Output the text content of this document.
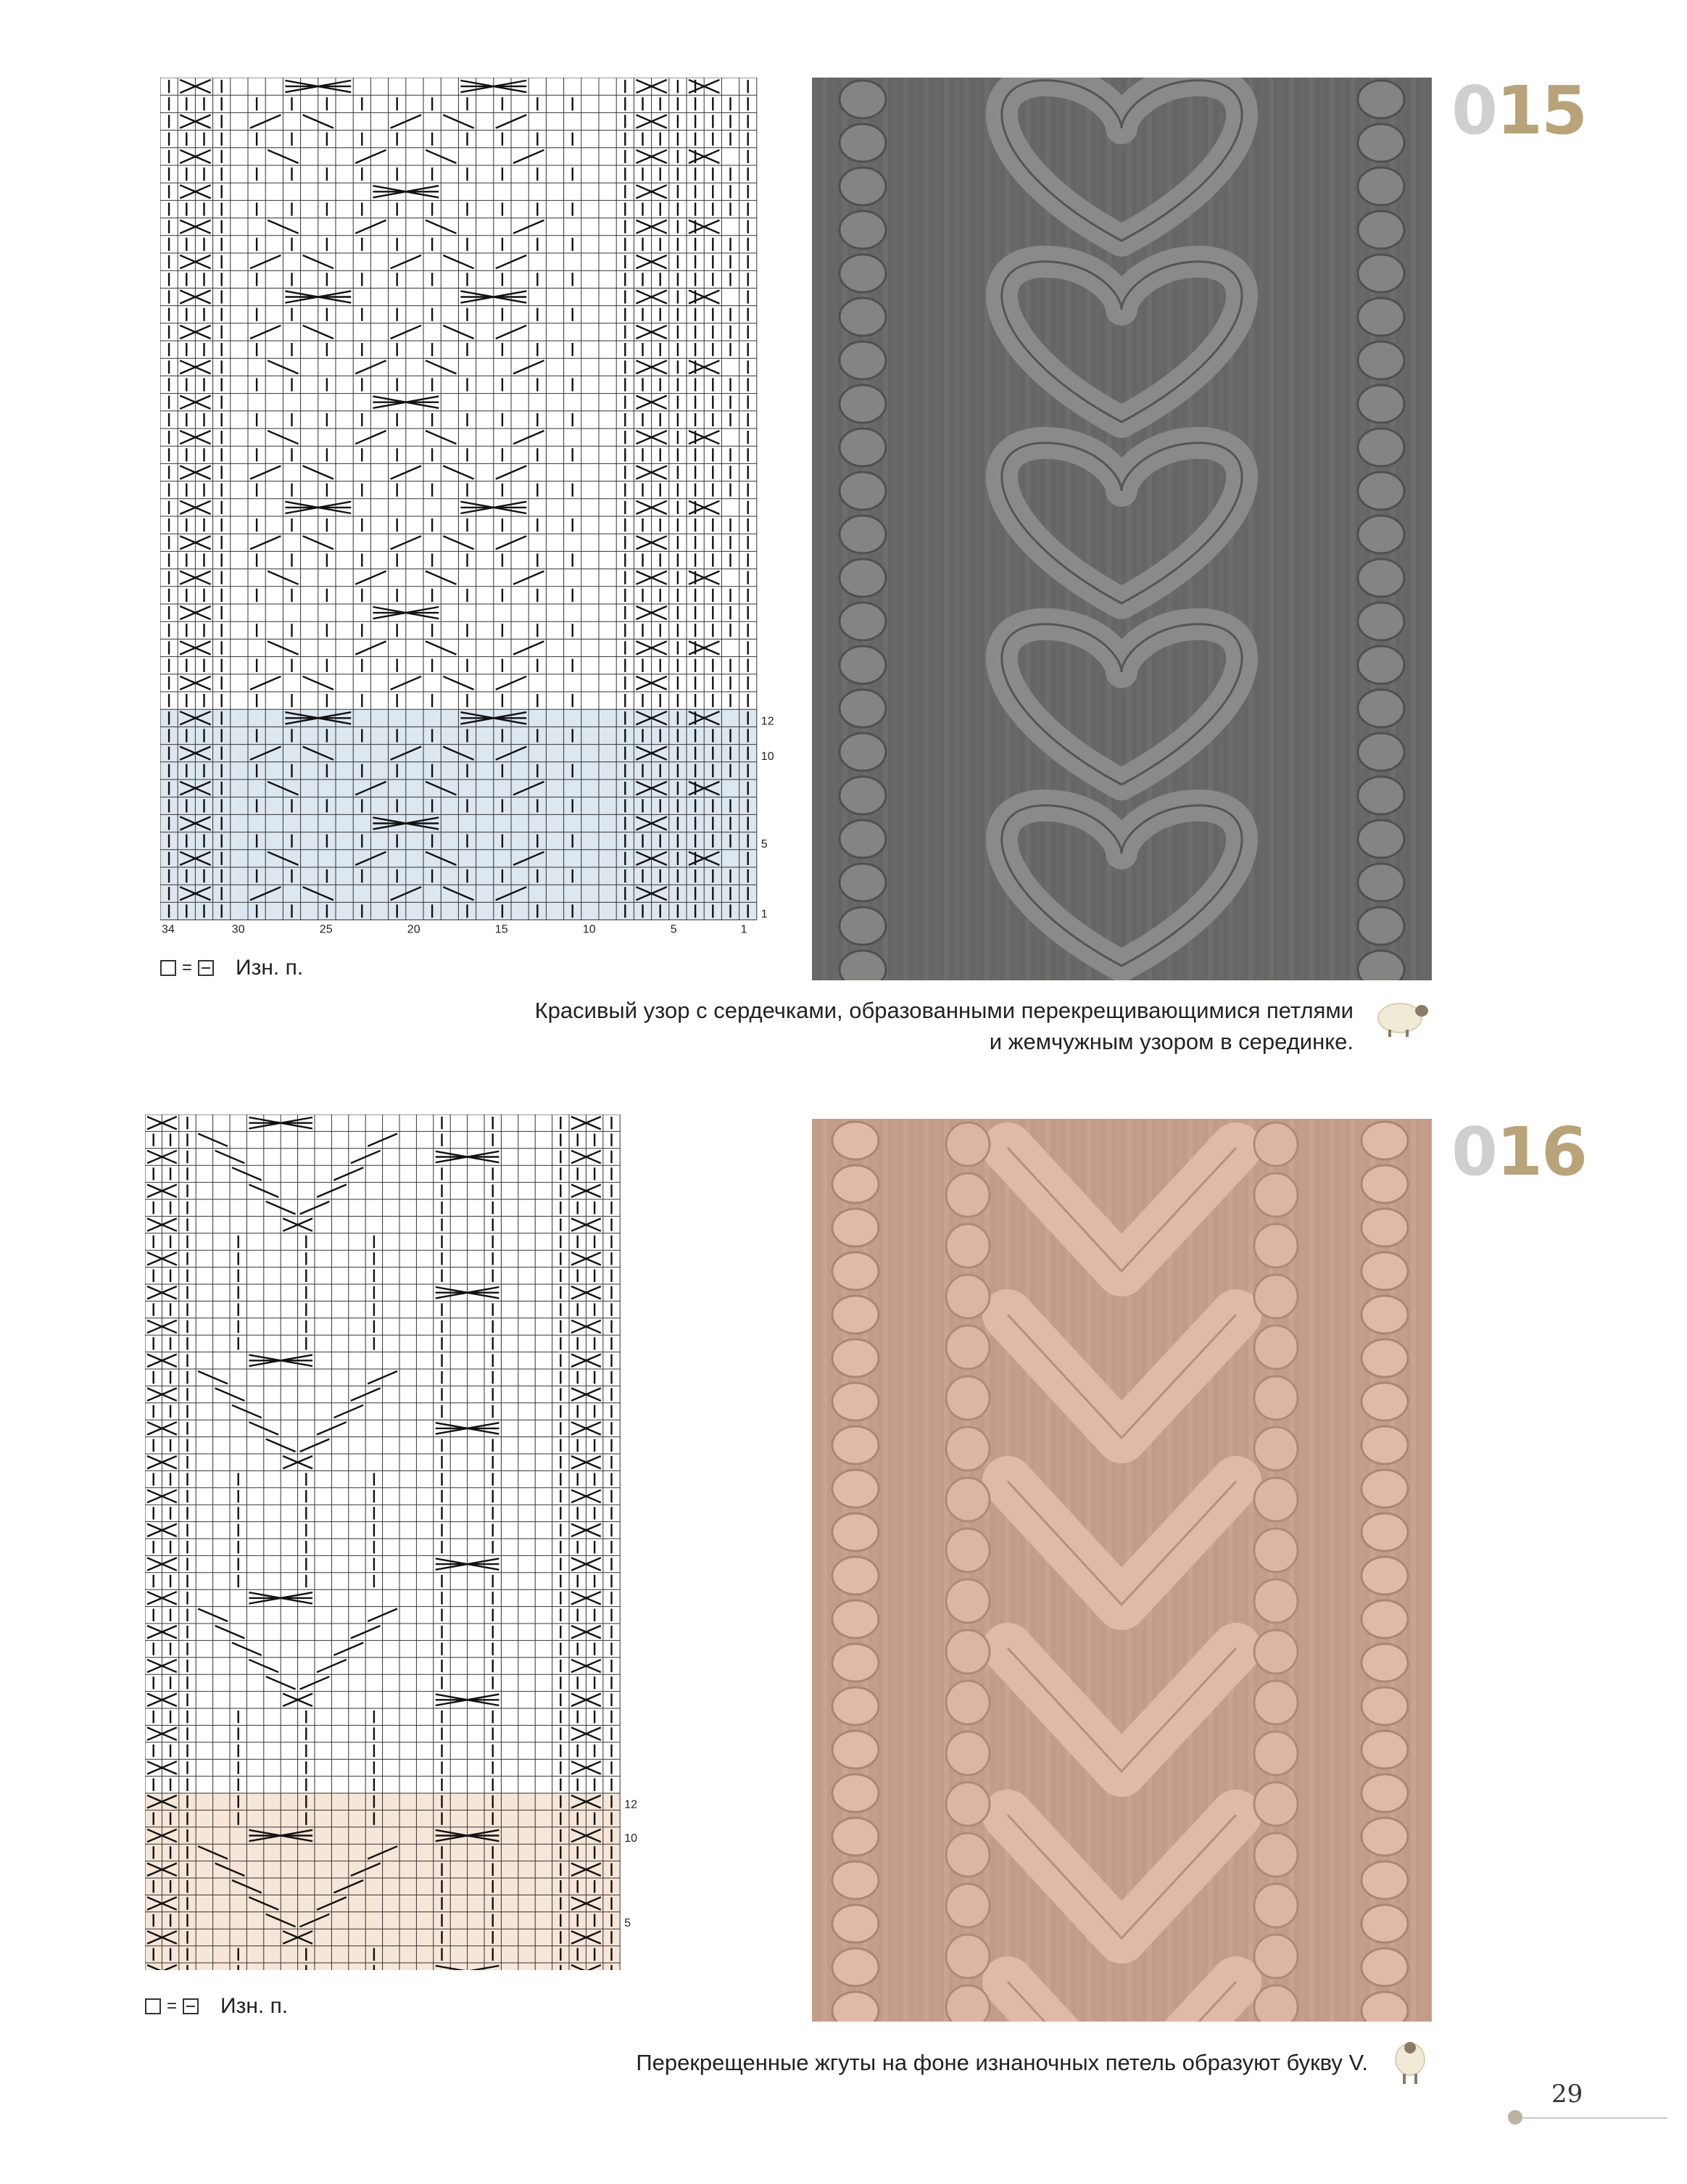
34	30	25	20	15	10	5	1
12
10
5
1
015
= Изн. п.
Красивый узор с сердечками, образованными перекрещивающимися петлями
и жемчужным узором в серединке.
12
10
5
016
= Изн. п.
Перекрещенные жгуты на фоне изнаночных петель образуют букву V.
29
